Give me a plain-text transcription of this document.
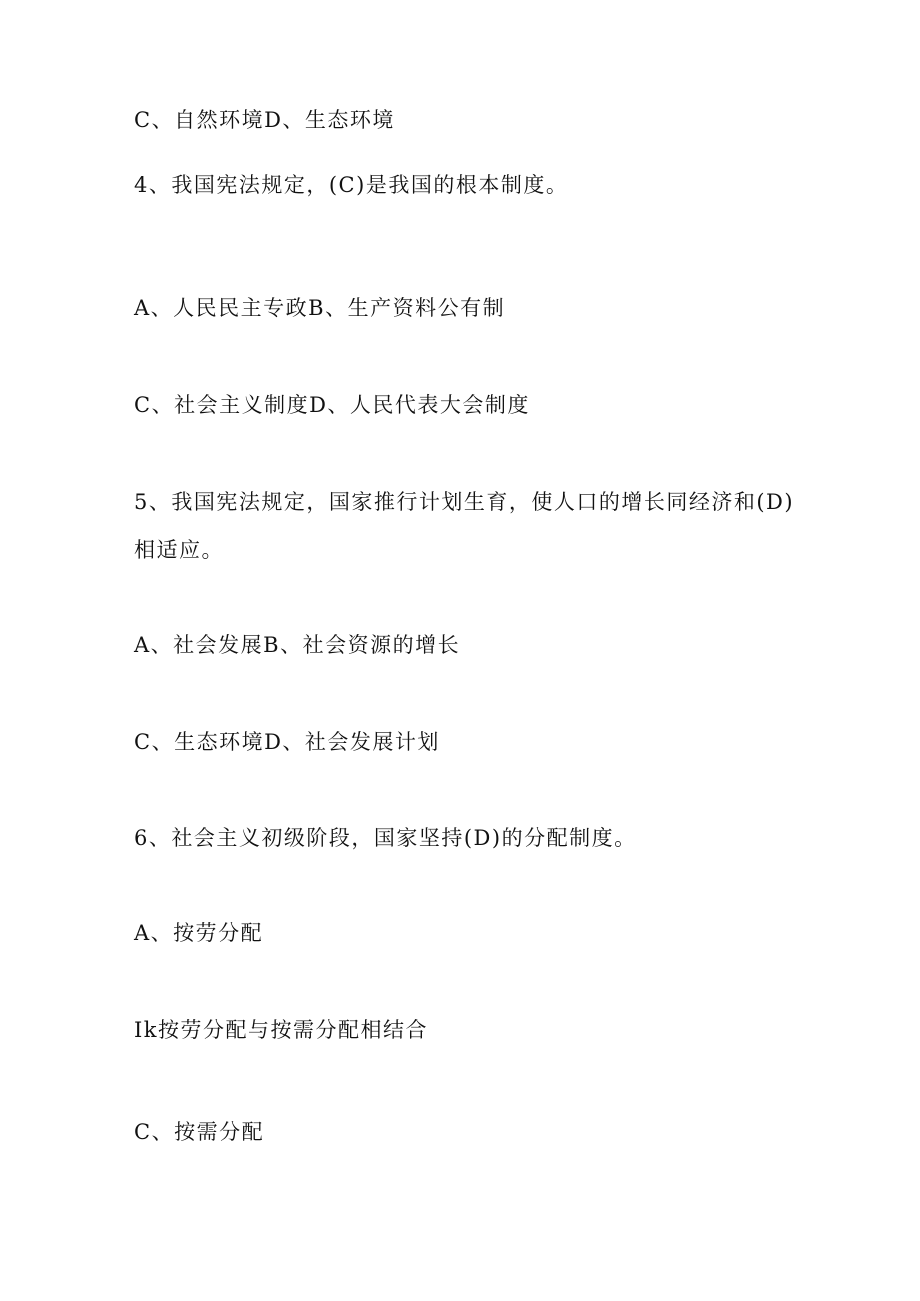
C、自然环境D、生态环境

4、我国宪法规定，(C)是我国的根本制度。

A、人民民主专政B、生产资料公有制

C、社会主义制度D、人民代表大会制度

5、我国宪法规定，国家推行计划生育，使人口的增长同经济和(D)

相适应。

A、社会发展B、社会资源的增长

C、生态环境D、社会发展计划

6、社会主义初级阶段，国家坚持(D)的分配制度。

A、按劳分配

Ik按劳分配与按需分配相结合

C、按需分配
